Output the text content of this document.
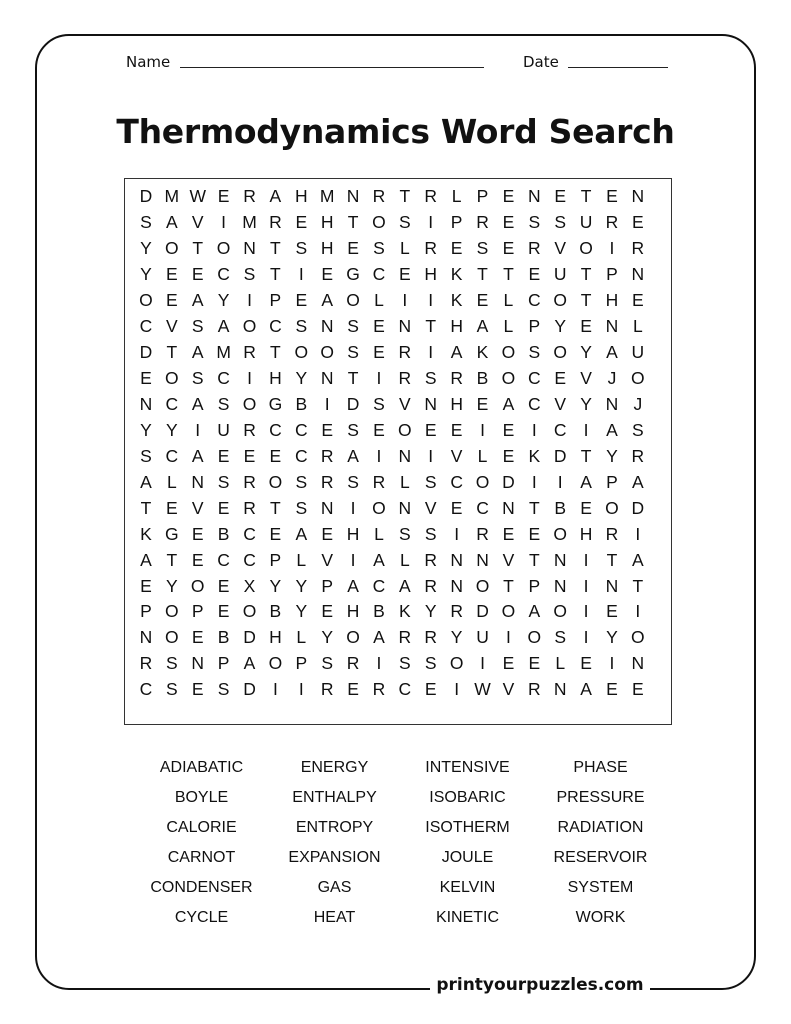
Name	Date
Thermodynamics Word Search
D M W E R A H M N R T R L P E N E T E N
S A V	I M R E H T O S	I	P R E S S U R E
Y O T O N T S H E S L R E S E R V O I R
Y E E C S T	I	E G C E H K T T E U T P N
O E A Y	I	P E A O L	I	I	K E L C O T H E
C V S A O C S N S E N T H A L P Y E N L
D T A M R T O O S E R I	A K O S O Y A U
E O S C I H Y N T	I R S R B O C E V J O
N C A S O G B	I D S V N H E A C V Y N J
Y Y	I U R C C E S E O E E	I	E	I C I	A S
S C A E E E C R A	I N I	V L E K D T Y R
A L N S R O S R S R L S C O D I	I	A P A
T E V E R T S N I O N V E C N T B E O D
K G E B C E A E H L S S	I R E E O H R I
A T E C C P L V	I	A L R N N V T N I	T A
E Y O E X Y Y P A C A R N O T P N I N T
P O P E O B Y E H B K Y R D O A O I	E	I
N O E B D H L Y O A R R Y U I O S	I	Y O
R S N P A O P S R I	S S O I	E E L E	I N
C S E S D I	I R E R C E	I W V R N A E E
ADIABATIC	ENERGY	INTENSIVE	PHASE
BOYLE	ENTHALPY	ISOBARIC	PRESSURE
CALORIE	ENTROPY	ISOTHERM	RADIATION
CARNOT	EXPANSION	JOULE	RESERVOIR
CONDENSER	GAS	KELVIN	SYSTEM
CYCLE	HEAT	KINETIC	WORK
printyourpuzzles.com
